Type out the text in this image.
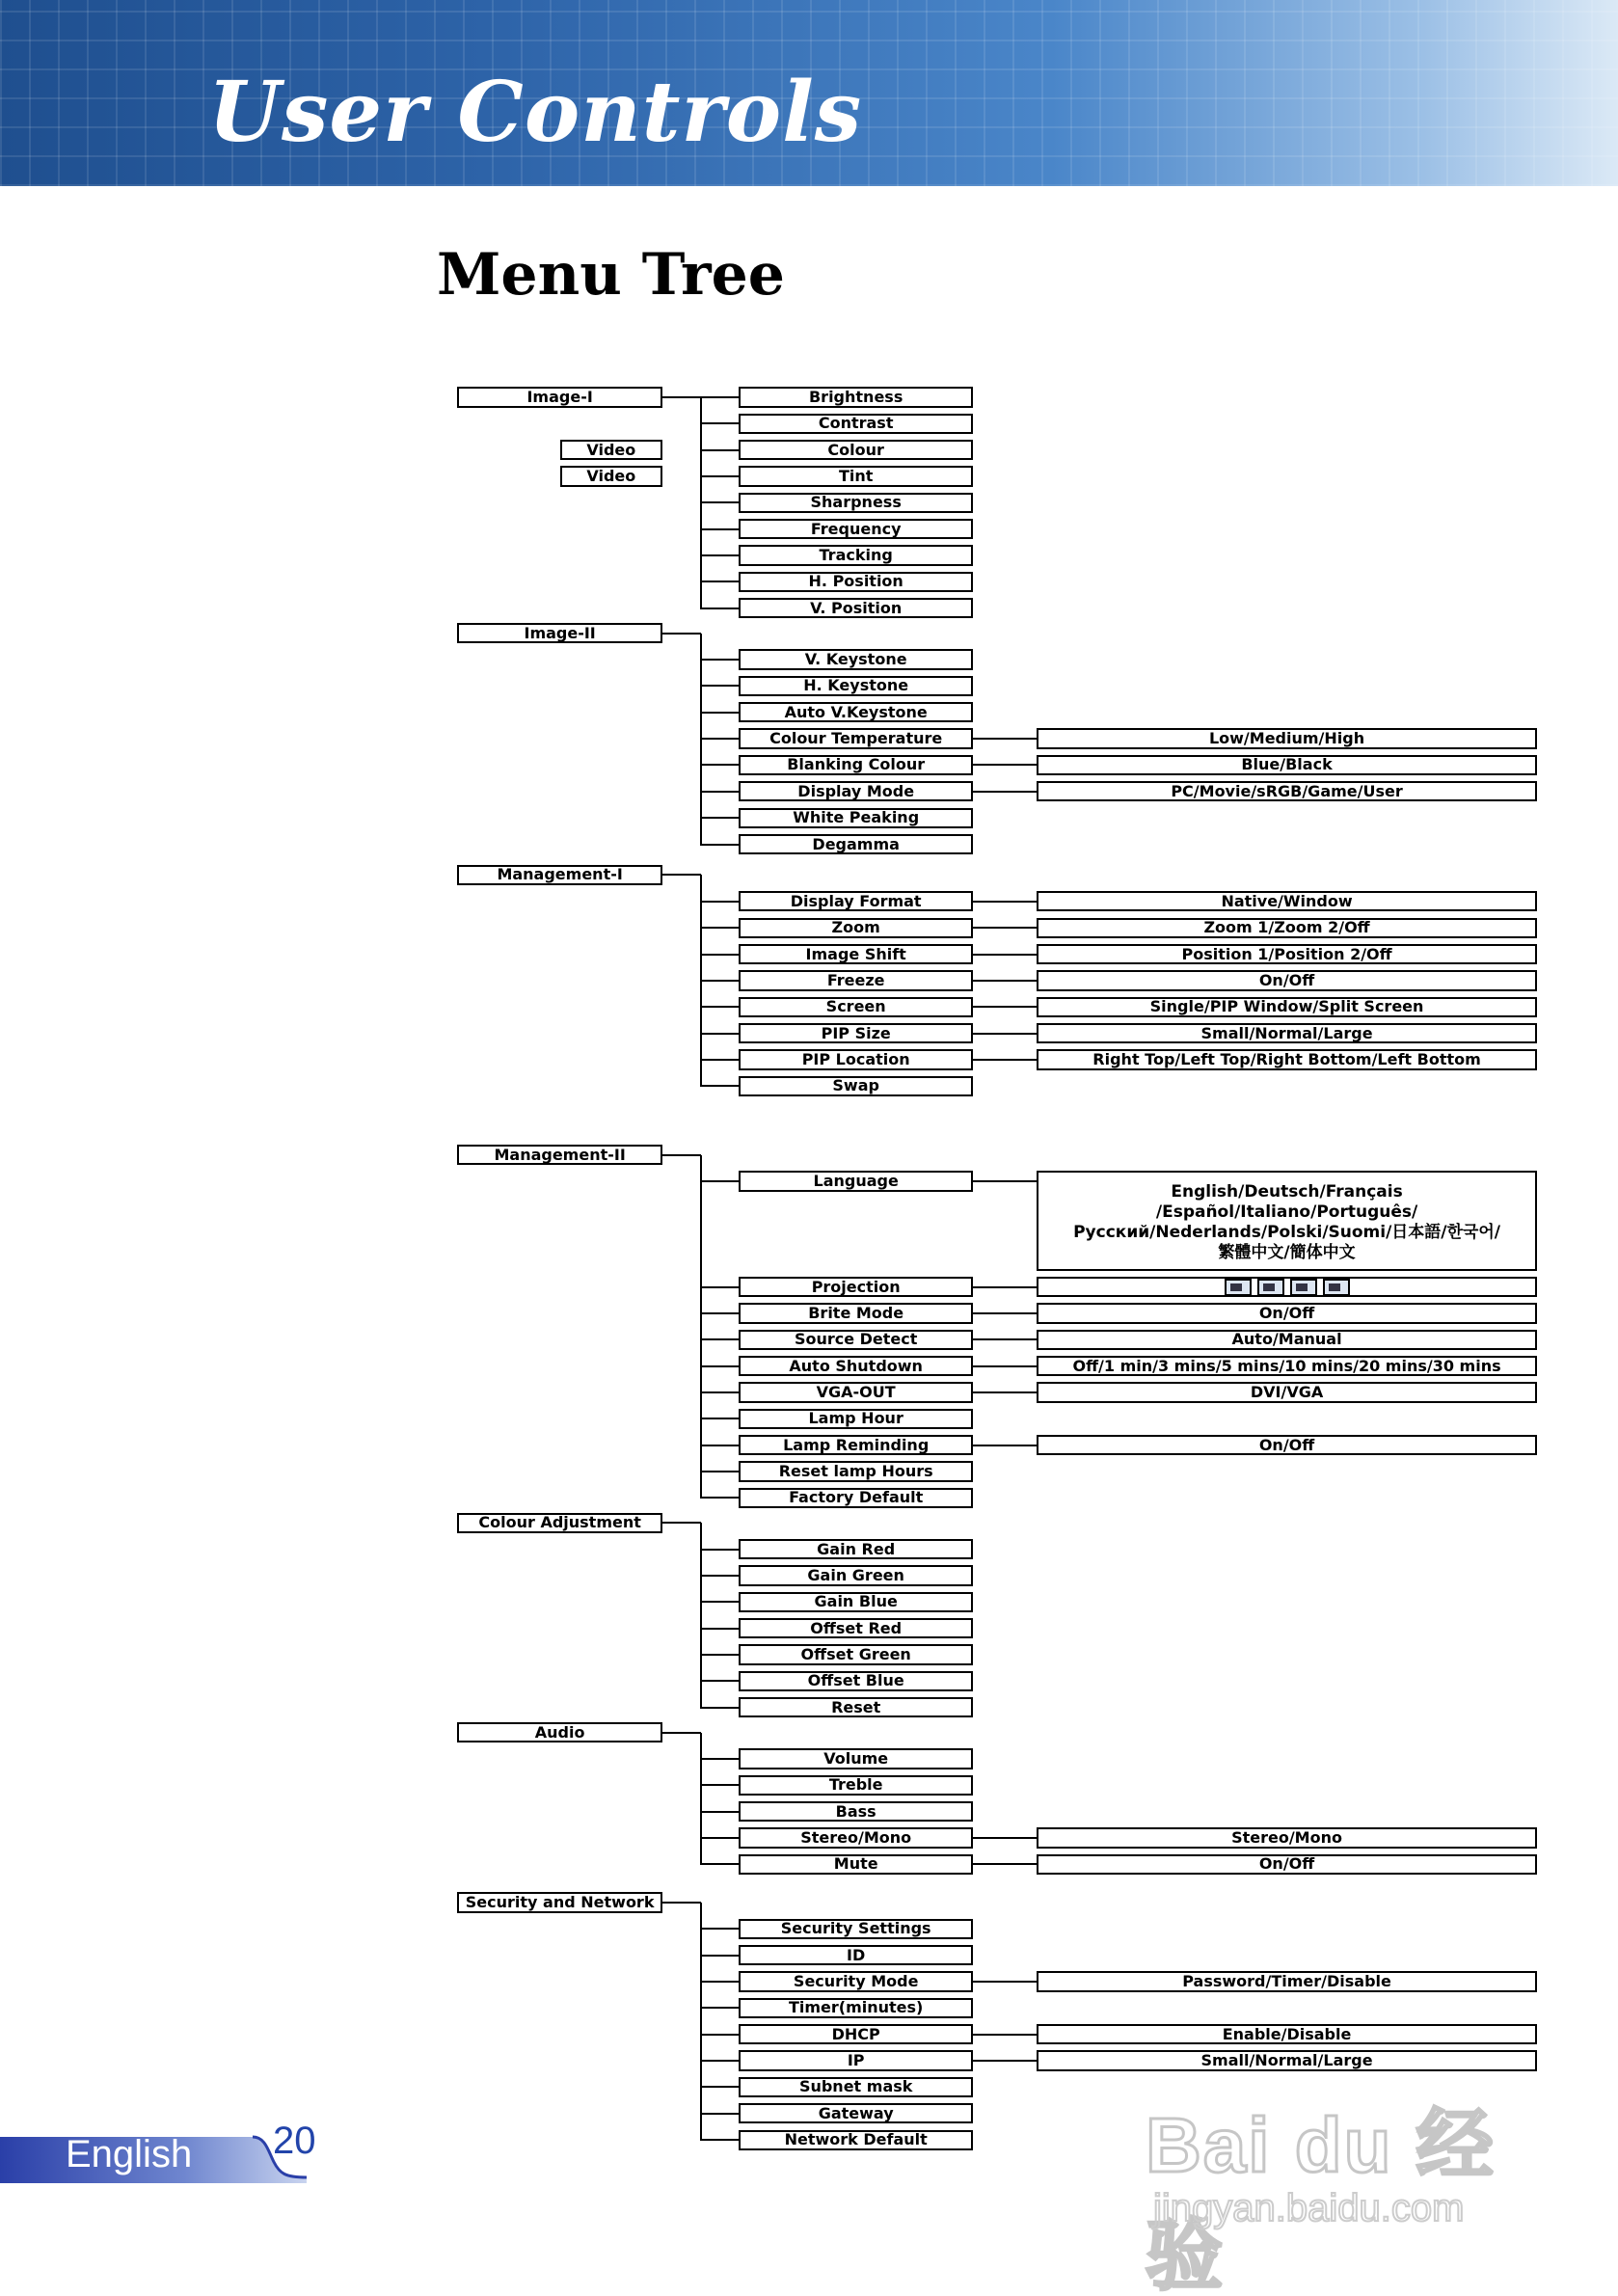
User Controls
Menu Tree
Image-I
Video
Video
Brightness
Contrast
Colour
Tint
Sharpness
Frequency
Tracking
H. Position
V. Position
Image-II
V. Keystone
H. Keystone
Auto V.Keystone
Colour Temperature	Low/Medium/High
Blanking Colour	Blue/Black
Display Mode	PC/Movie/sRGB/Game/User
White Peaking
Degamma
Management-I
Display Format	Native/Window
Zoom	Zoom 1/Zoom 2/Off
Image Shift	Position 1/Position 2/Off
Freeze	On/Off
Screen	Single/PIP Window/Split Screen
PIP Size	Small/Normal/Large
PIP Location	Right Top/Left Top/Right Bottom/Left Bottom
Swap
Management-II
Language
English/Deutsch/Français /Español/Italiano/Português/
Русский/Nederlands/Polski/Suomi/日本語/한국어/
繁體中文/簡体中文
Projection
Brite Mode	On/Off
Source Detect	Auto/Manual
Auto Shutdown	Off/1 min/3 mins/5 mins/10 mins/20 mins/30 mins
VGA-OUT	DVI/VGA
Lamp Hour
Lamp Reminding	On/Off
Reset lamp Hours
Factory Default
Colour Adjustment
Gain Red
Gain Green
Gain Blue
Offset Red
Offset Green
Offset Blue
Reset
Audio
Volume
Treble
Bass
Stereo/Mono	Stereo/Mono
Mute	On/Off
Security and Network
Security Settings
ID
Security Mode	Password/Timer/Disable
Timer(minutes)
DHCP	Enable/Disable
IP	Small/Normal/Large
Subnet mask
Gateway
Network Default
English 20	Bai du 经验
jingyan.baidu.com
